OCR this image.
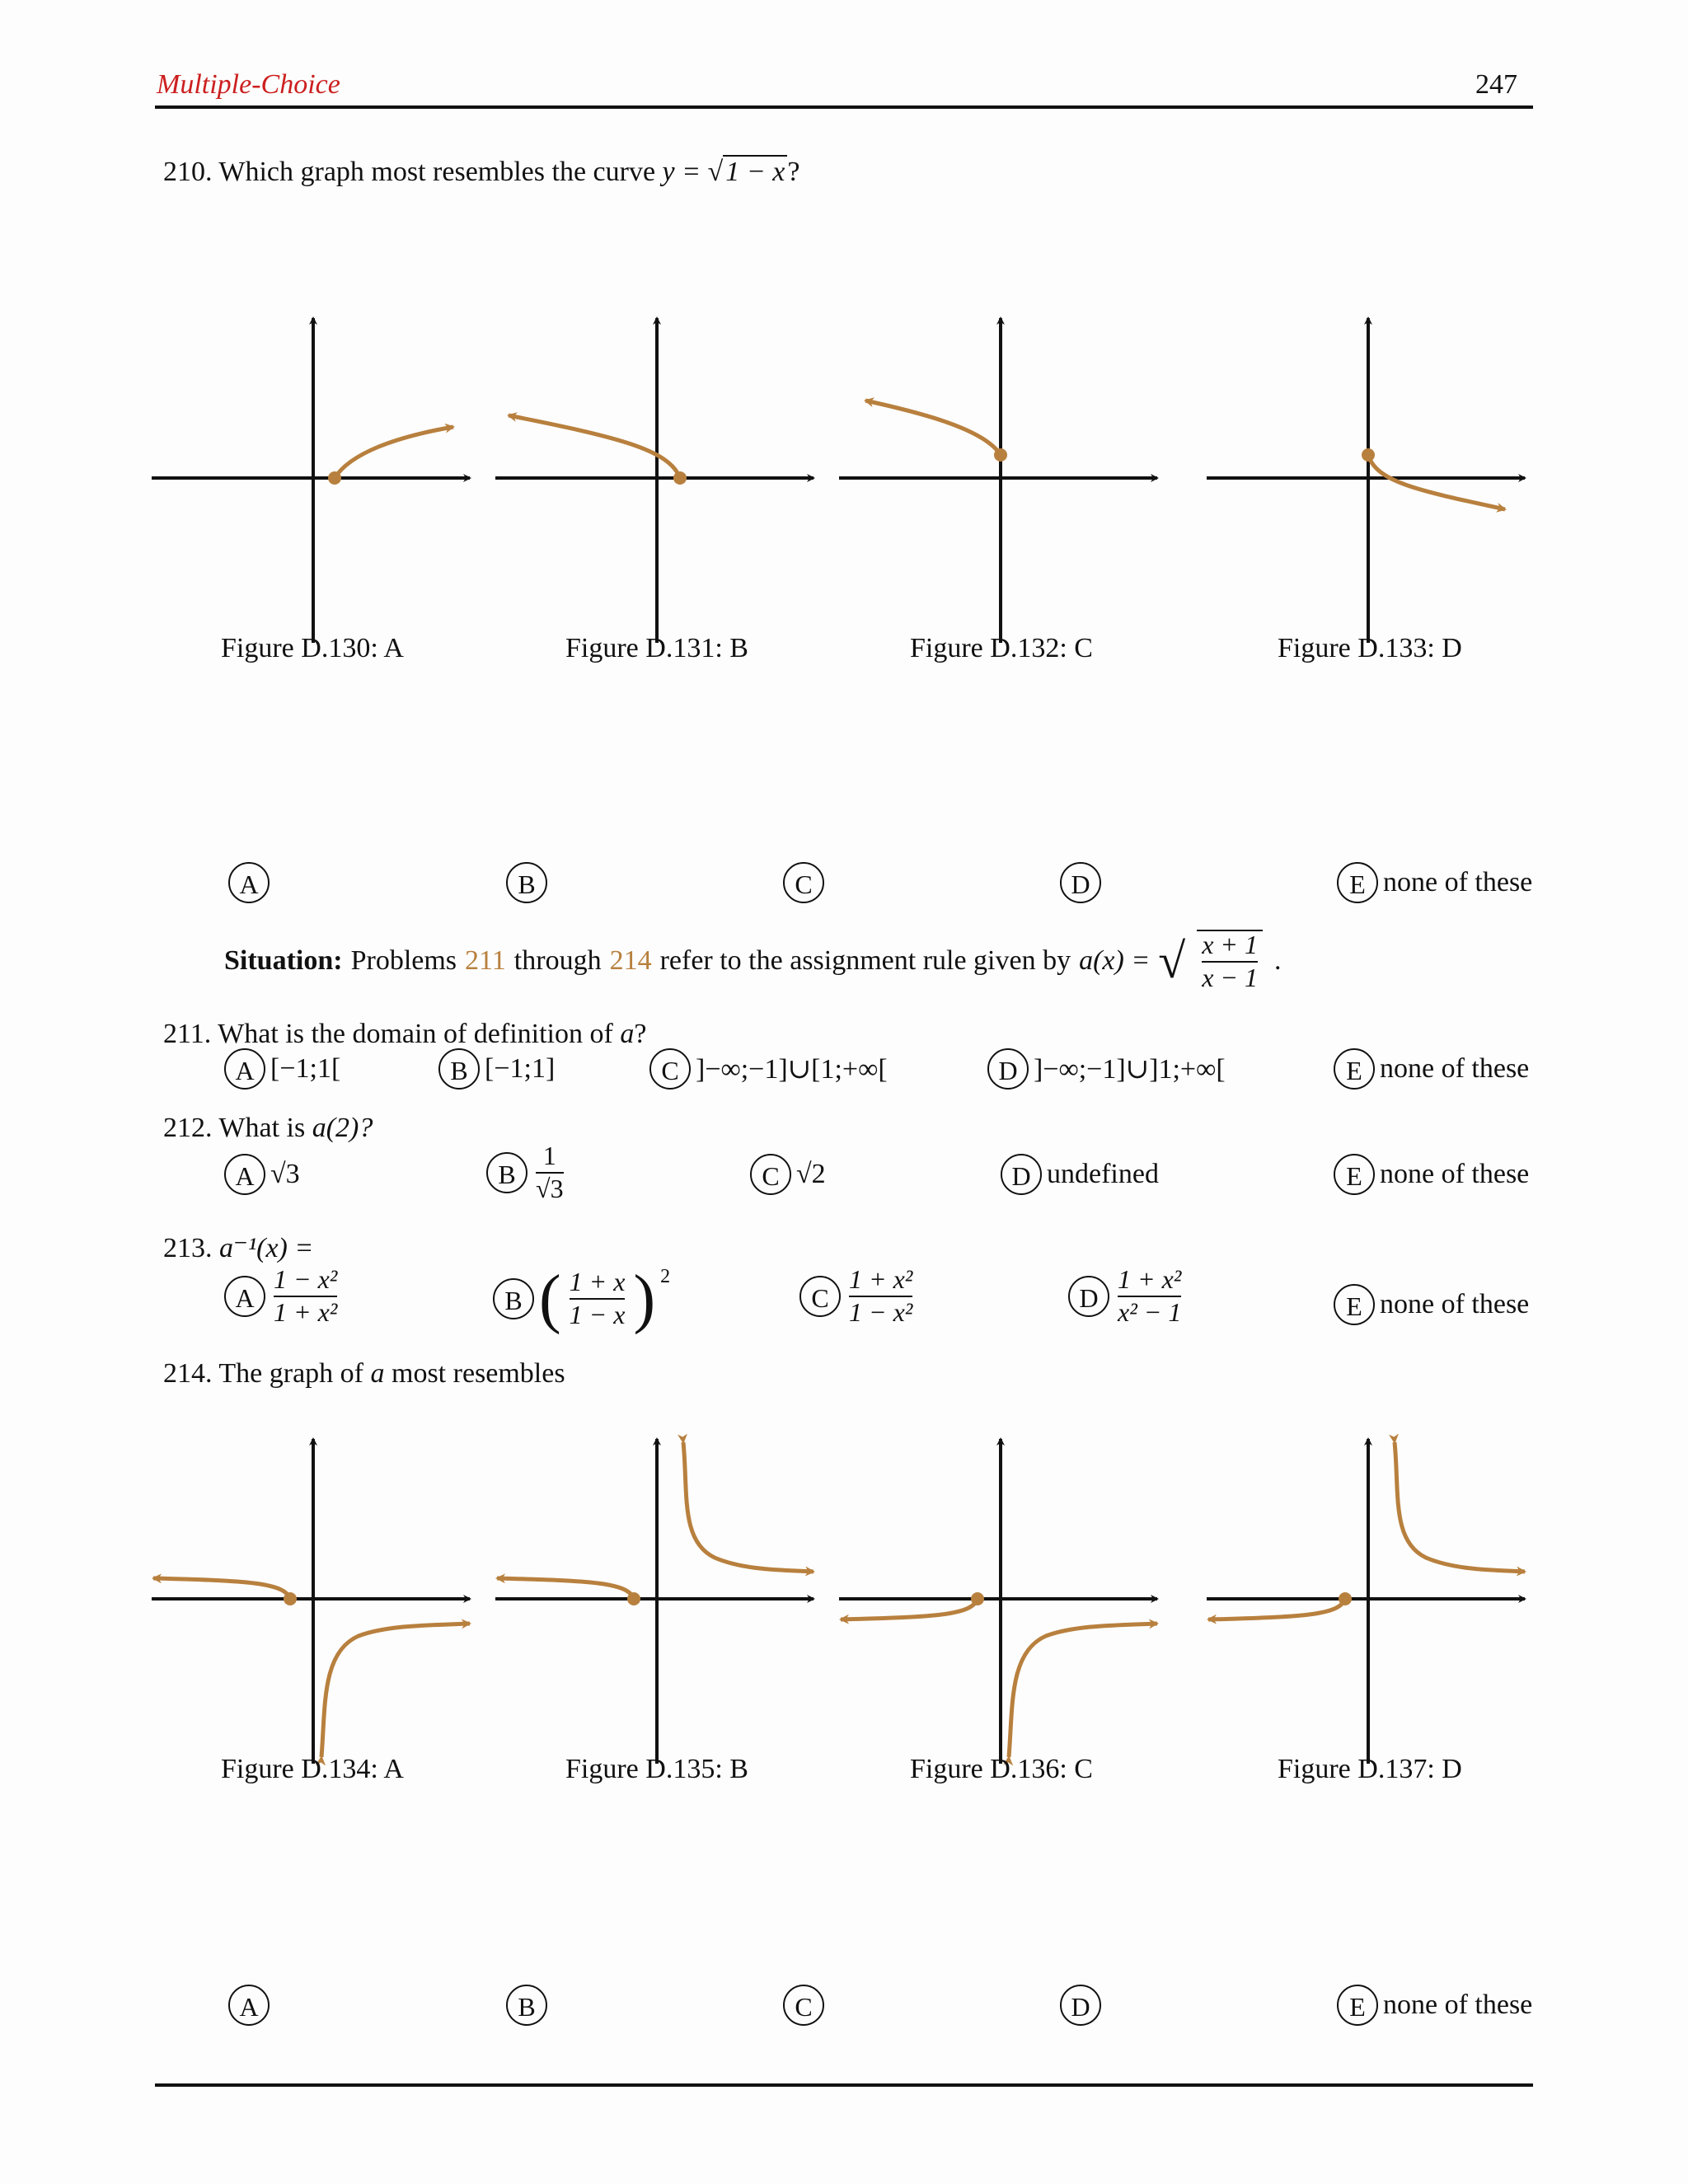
Multiple-Choice	247
210. Which graph most resembles the curve y = √1 − x?
Figure D.130: A	Figure D.131: B	Figure D.132: C	Figure D.133: D
A	B	C	D	E none of these
Situation: Problems 211 through 214 refer to the assignment rule given by a(x) = √ $\frac{x + 1}{x - 1}$ .
211. What is the domain of definition of a?
A [−1;1[	B [−1;1]	C ]−∞;−1]∪[1;+∞[	D ]−∞;−1]∪]1;+∞[	E none of these
212. What is a(2)?
A √3	B $\frac{1}{√3}$	C √2	D undefined	E none of these
213. a⁻¹(x) =
A $\frac{\text{1 − x²}}{\text{1 + x²}}$	B ( $\frac{1 + x}{1 - x}$ ) $^2$
C $\frac{\text{1 + x²}}{\text{1 − x²}}$	D $\frac{\text{1 + x²}}{\text{x² − 1}}$	E none of these
214. The graph of a most resembles
Figure D.134: A	Figure D.135: B	Figure D.136: C	Figure D.137: D
A	B	C	D	E none of these
